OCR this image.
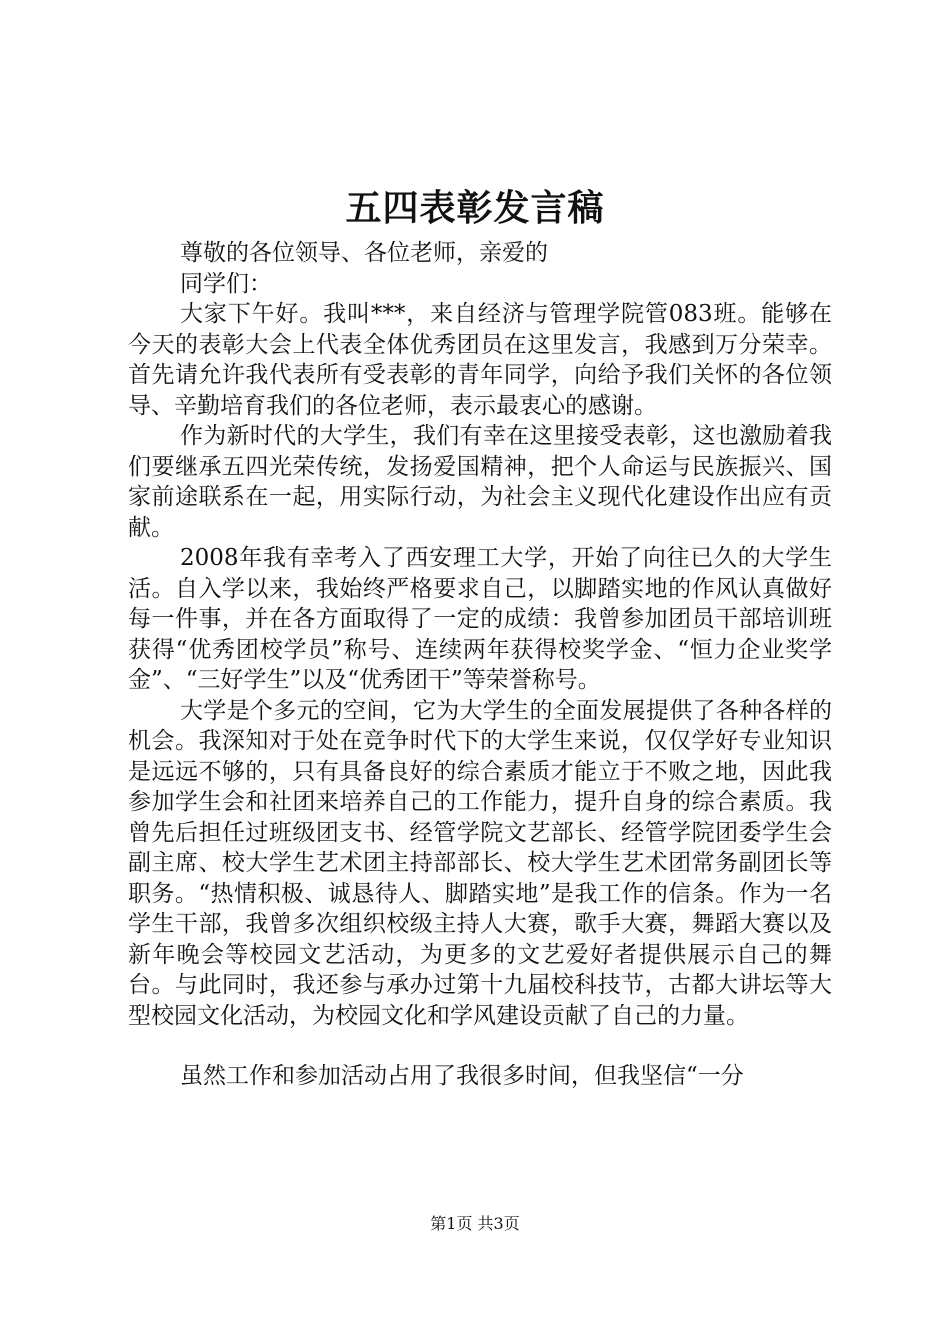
五四表彰发言稿

尊敬的各位领导、各位老师，亲爱的

同学们：

大家下午好。我叫***，来自经济与管理学院管083班。能够在今天的表彰大会上代表全体优秀团员在这里发言，我感到万分荣幸。首先请允许我代表所有受表彰的青年同学，向给予我们关怀的各位领导、辛勤培育我们的各位老师，表示最衷心的感谢。

作为新时代的大学生，我们有幸在这里接受表彰，这也激励着我们要继承五四光荣传统，发扬爱国精神，把个人命运与民族振兴、国家前途联系在一起，用实际行动，为社会主义现代化建设作出应有贡献。

2008年我有幸考入了西安理工大学，开始了向往已久的大学生活。自入学以来，我始终严格要求自己，以脚踏实地的作风认真做好每一件事，并在各方面取得了一定的成绩：我曾参加团员干部培训班获得“优秀团校学员”称号、连续两年获得校奖学金、“恒力企业奖学金”、“三好学生”以及“优秀团干”等荣誉称号。

大学是个多元的空间，它为大学生的全面发展提供了各种各样的机会。我深知对于处在竞争时代下的大学生来说，仅仅学好专业知识是远远不够的，只有具备良好的综合素质才能立于不败之地，因此我参加学生会和社团来培养自己的工作能力，提升自身的综合素质。我曾先后担任过班级团支书、经管学院文艺部长、经管学院团委学生会副主席、校大学生艺术团主持部部长、校大学生艺术团常务副团长等职务。“热情积极、诚恳待人、脚踏实地”是我工作的信条。作为一名学生干部，我曾多次组织校级主持人大赛，歌手大赛，舞蹈大赛以及新年晚会等校园文艺活动，为更多的文艺爱好者提供展示自己的舞台。与此同时，我还参与承办过第十九届校科技节，古都大讲坛等大型校园文化活动，为校园文化和学风建设贡献了自己的力量。

虽然工作和参加活动占用了我很多时间，但我坚信“一分

第1页 共3页
